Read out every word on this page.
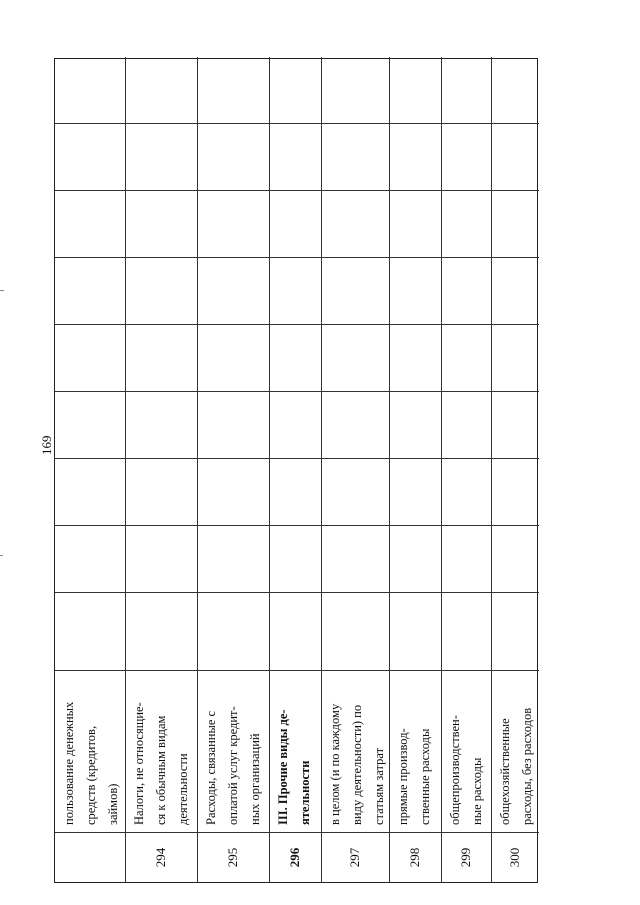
169
пользование денежных средств (кредитов, займов)
294
Налоги, не относящие- ся к обычным видам деятельности
295
Расходы, связанные с оплатой услуг кредит- ных организаций
296
III. Прочие виды де- ятельности
297
в целом (и по каждому виду деятельности) по статьям затрат
298
прямые производ- ственные расходы
299
общепроизводствен- ные расходы
300
общехозяйственные расходы, без расходов
